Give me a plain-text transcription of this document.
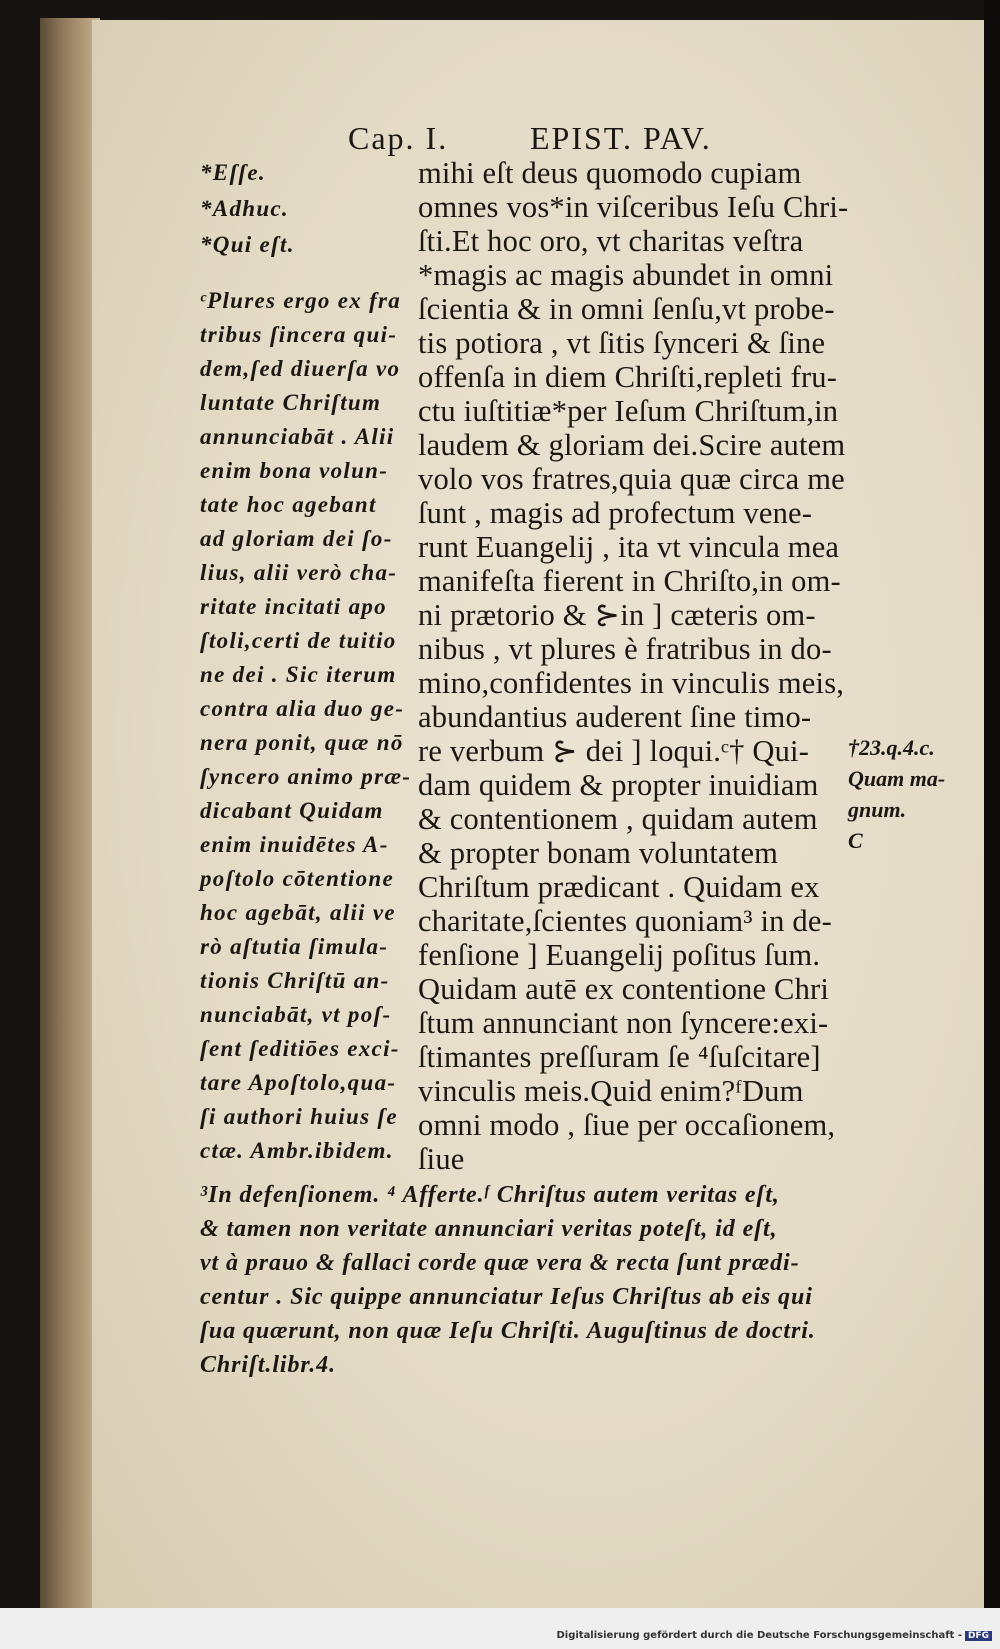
Cap. I.	EPIST. PAV.
*Eſſe.
*Adhuc.
*Qui eſt.
mihi eſt deus quomodo cupiam
omnes vos*in viſceribus Ieſu Chri-
ſti.Et hoc oro, vt charitas veſtra
*magis ac magis abundet in omni
ſcientia & in omni ſenſu,vt probe-
tis potiora , vt ſitis ſynceri & ſine
offenſa in diem Chriſti,repleti fru-
ctu iuſtitiæ*per Ieſum Chriſtum,in
laudem & gloriam dei.Scire autem
volo vos fratres,quia quæ circa me
ſunt , magis ad profectum vene-
runt Euangelij , ita vt vincula mea
manifeſta fierent in Chriſto,in om-
ni prætorio & ⊱in ] cæteris om-
nibus , vt plures è fratribus in do-
mino,confidentes in vinculis meis,
abundantius auderent ſine timo-
re verbum ⊱ dei ] loqui.ᶜ† Qui-
dam quidem & propter inuidiam
& contentionem , quidam autem
& propter bonam voluntatem
Chriſtum prædicant . Quidam ex
charitate,ſcientes quoniam³ in de-
fenſione ] Euangelij poſitus ſum.
Quidam autē ex contentione Chri
ſtum annunciant non ſyncere:exi-
ſtimantes preſſuram ſe ⁴ſuſcitare]
vinculis meis.Quid enim?ᶠDum
omni modo , ſiue per occaſionem,
ſiue
ᶜPlures ergo ex fra
tribus ſincera qui-
dem,ſed diuerſa vo
luntate Chriſtum
annunciabāt . Alii
enim bona volun-
tate hoc agebant
ad gloriam dei ſo-
lius, alii verò cha-
ritate incitati apo
ſtoli,certi de tuitio
ne dei . Sic iterum
contra alia duo ge-
nera ponit, quæ nō
ſyncero animo præ-
dicabant Quidam
enim inuidētes A-
poſtolo cōtentione
hoc agebāt, alii ve
rò aſtutia ſimula-
tionis Chriſtū an-
nunciabāt, vt poſ-
ſent ſeditiōes exci-
tare Apoſtolo,qua-
ſi authori huius ſe
ctæ. Ambr.ibidem.
†23.q.4.c.
Quam ma-
gnum.
C
³In defenſionem. ⁴ Afferte.ᶠ Chriſtus autem veritas eſt,
& tamen non veritate annunciari veritas poteſt, id eſt,
vt à prauo & fallaci corde quæ vera & recta ſunt prædi-
centur . Sic quippe annunciatur Ieſus Chriſtus ab eis qui
ſua quærunt, non quæ Ieſu Chriſti. Auguſtinus de doctri.
Chriſt.libr.4.
Digitalisierung gefördert durch die Deutsche Forschungsgemeinschaft - DFG
